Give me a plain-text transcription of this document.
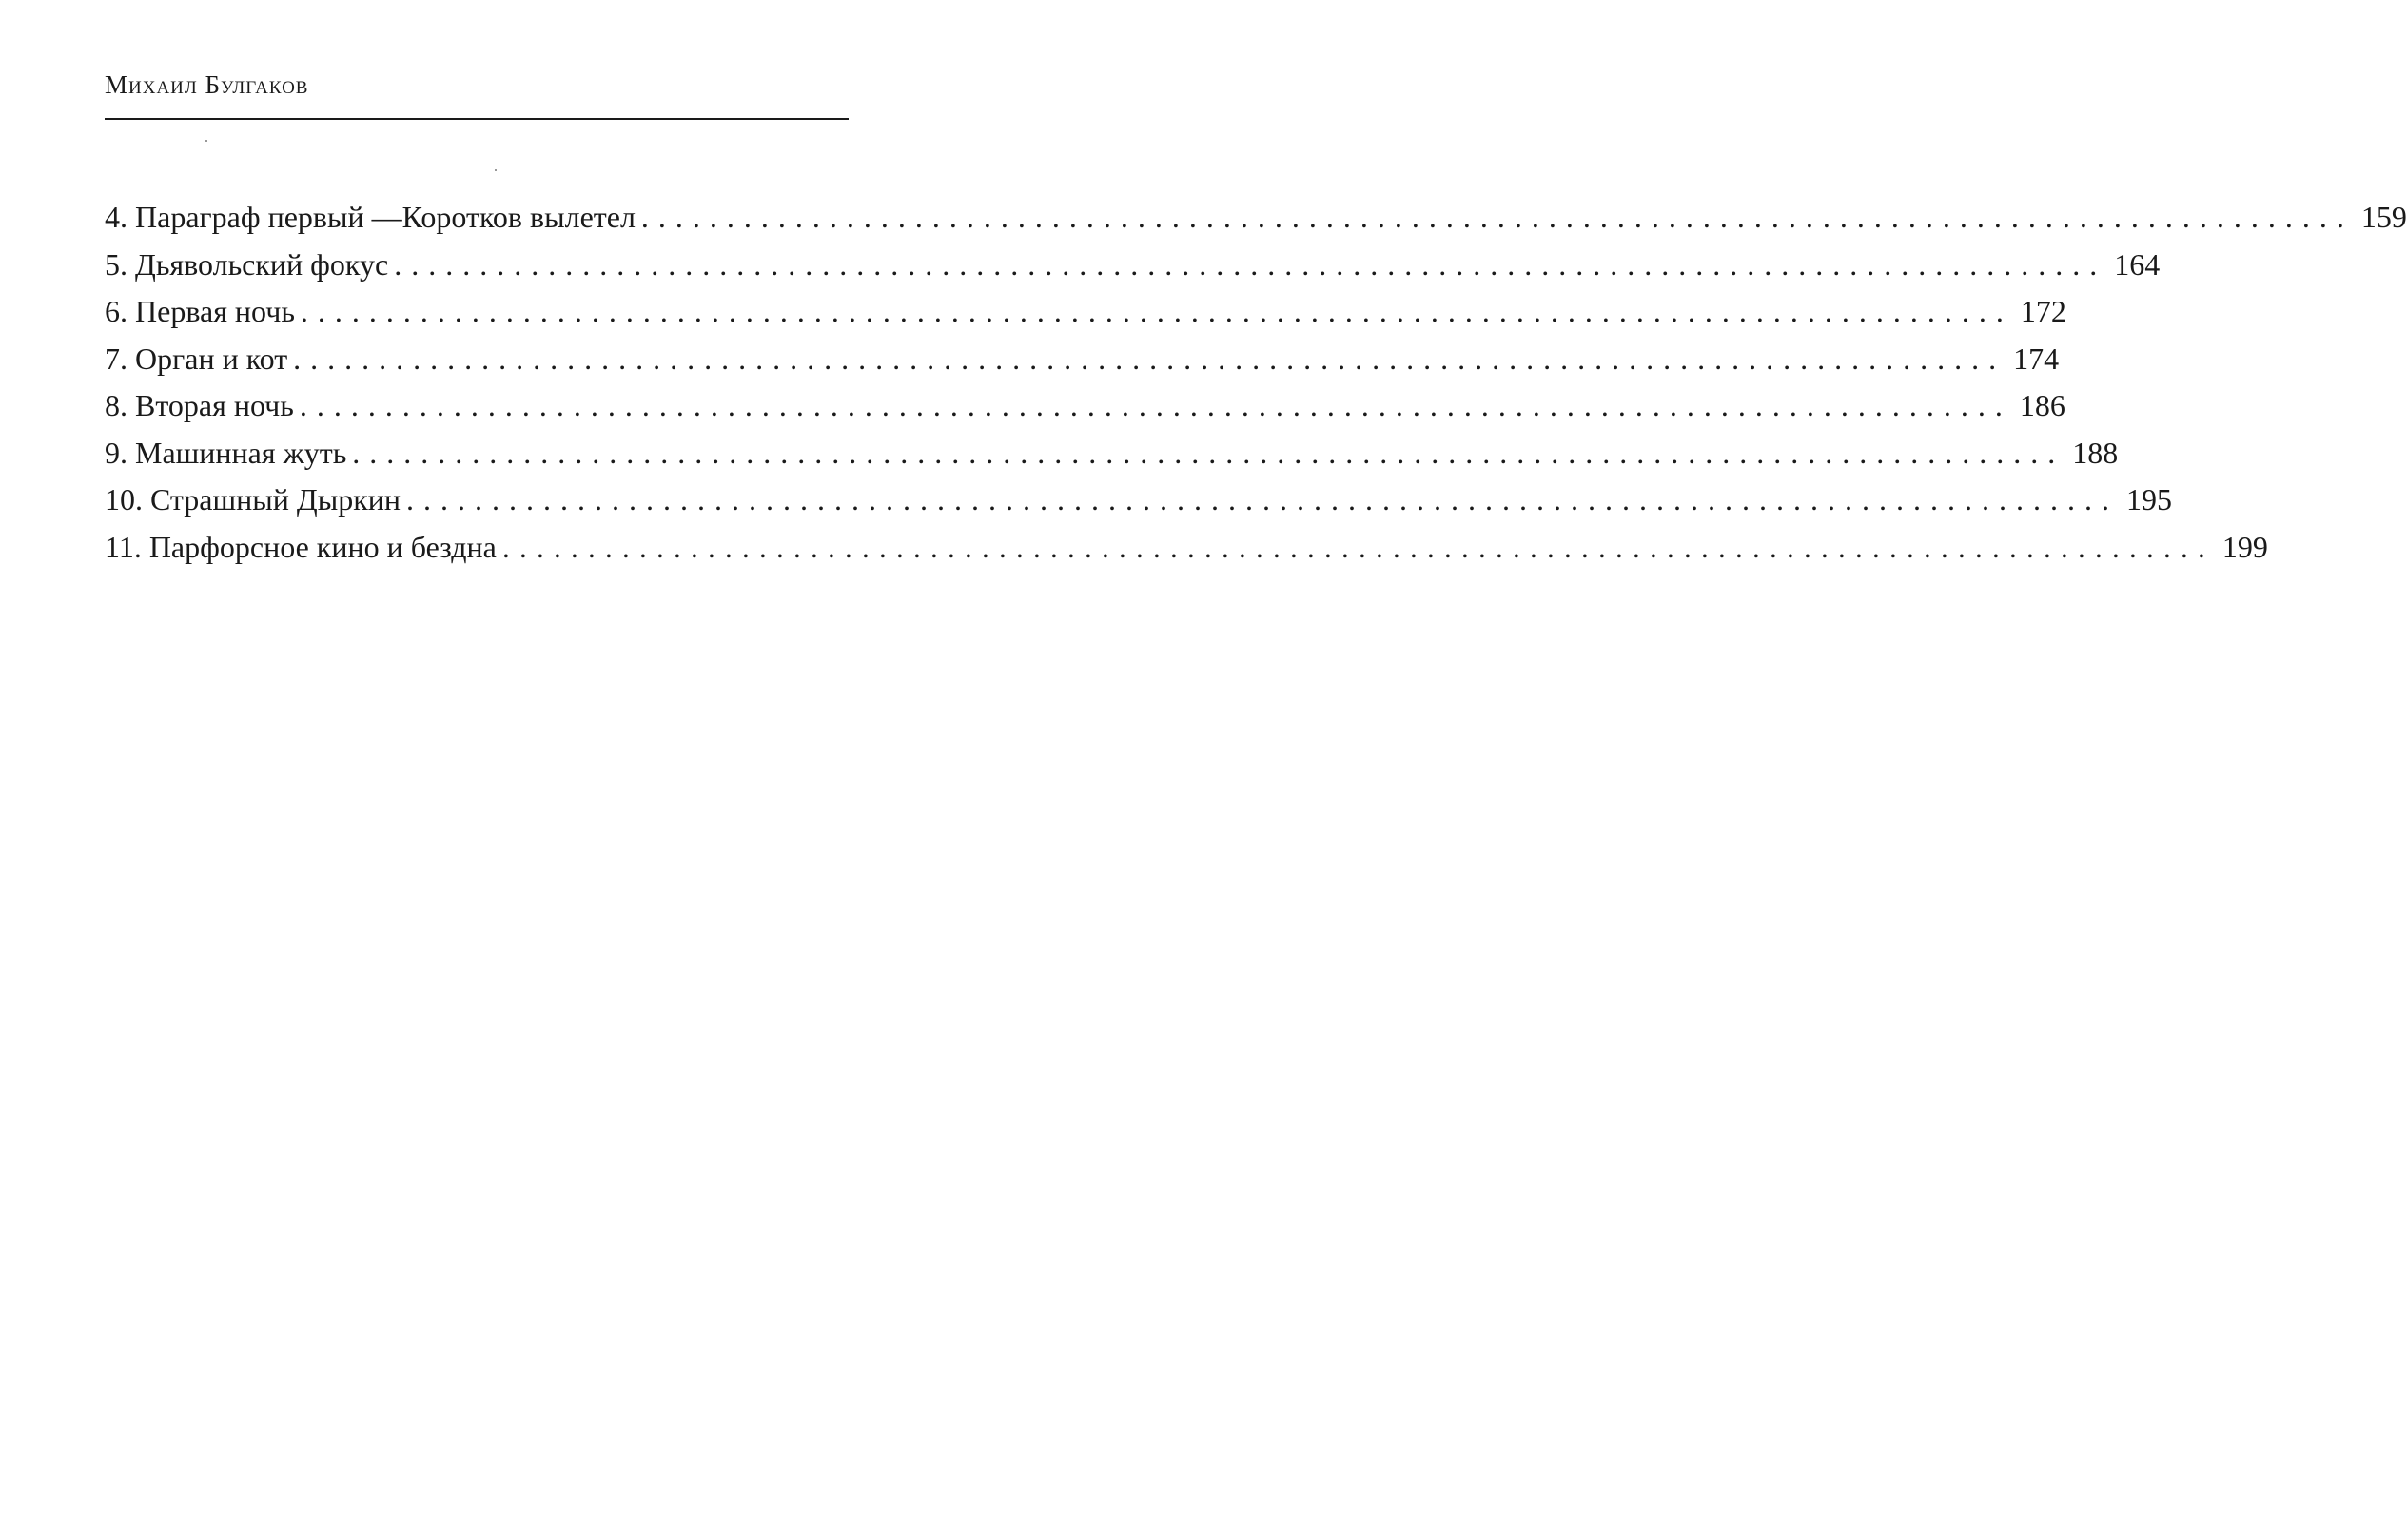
Михаил Булгаков
4. Параграф первый —Коротков вылетел .................................................................................................... 159
5. Дьявольский фокус .................................................................................................... 164
6. Первая ночь .................................................................................................... 172
7. Орган и кот .................................................................................................... 174
8. Вторая ночь .................................................................................................... 186
9. Машинная жуть .................................................................................................... 188
10. Страшный Дыркин .................................................................................................... 195
11. Парфорсное кино и бездна .................................................................................................... 199
